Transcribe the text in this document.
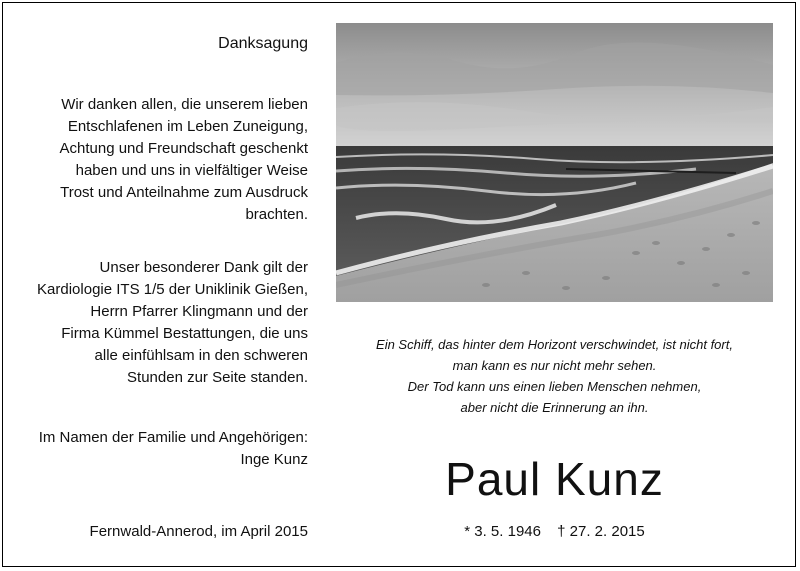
Danksagung
Wir danken allen, die unserem lieben
Entschlafenen im Leben Zuneigung,
Achtung und Freundschaft geschenkt
haben und uns in vielfältiger Weise
Trost und Anteilnahme zum Ausdruck
brachten.
Unser besonderer Dank gilt der
Kardiologie ITS 1/5 der Uniklinik Gießen,
Herrn Pfarrer Klingmann und der
Firma Kümmel Bestattungen, die uns
alle einfühlsam in den schweren
Stunden zur Seite standen.
Im Namen der Familie und Angehörigen:
Inge Kunz
Fernwald-Annerod, im April 2015
Ein Schiff, das hinter dem Horizont verschwindet, ist nicht fort,
man kann es nur nicht mehr sehen.
Der Tod kann uns einen lieben Menschen nehmen,
aber nicht die Erinnerung an ihn.
Paul Kunz
* 3. 5. 1946 † 27. 2. 2015
